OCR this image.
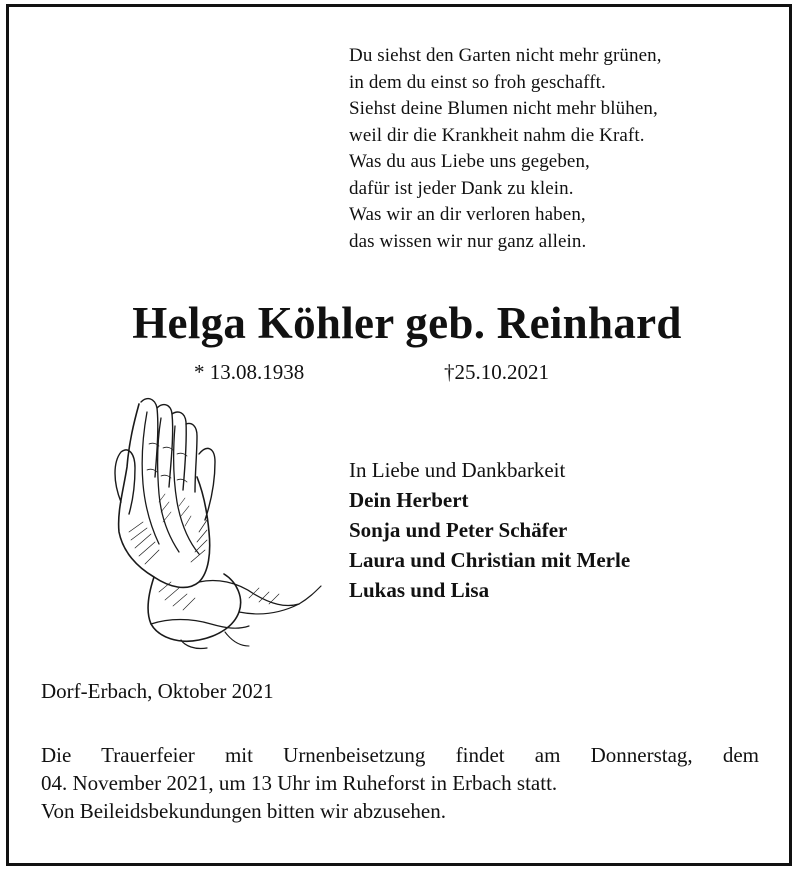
Du siehst den Garten nicht mehr grünen,
in dem du einst so froh geschafft.
Siehst deine Blumen nicht mehr blühen,
weil dir die Krankheit nahm die Kraft.
Was du aus Liebe uns gegeben,
dafür ist jeder Dank zu klein.
Was wir an dir verloren haben,
das wissen wir nur ganz allein.
Helga Köhler geb. Reinhard
* 13.08.1938	†25.10.2021
In Liebe und Dankbarkeit
Dein Herbert
Sonja und Peter Schäfer
Laura und Christian mit Merle
Lukas und Lisa
Dorf-Erbach, Oktober 2021
Die Trauerfeier mit Urnenbeisetzung findet am Donnerstag, dem
04. November 2021, um 13 Uhr im Ruheforst in Erbach statt.
Von Beileidsbekundungen bitten wir abzusehen.
